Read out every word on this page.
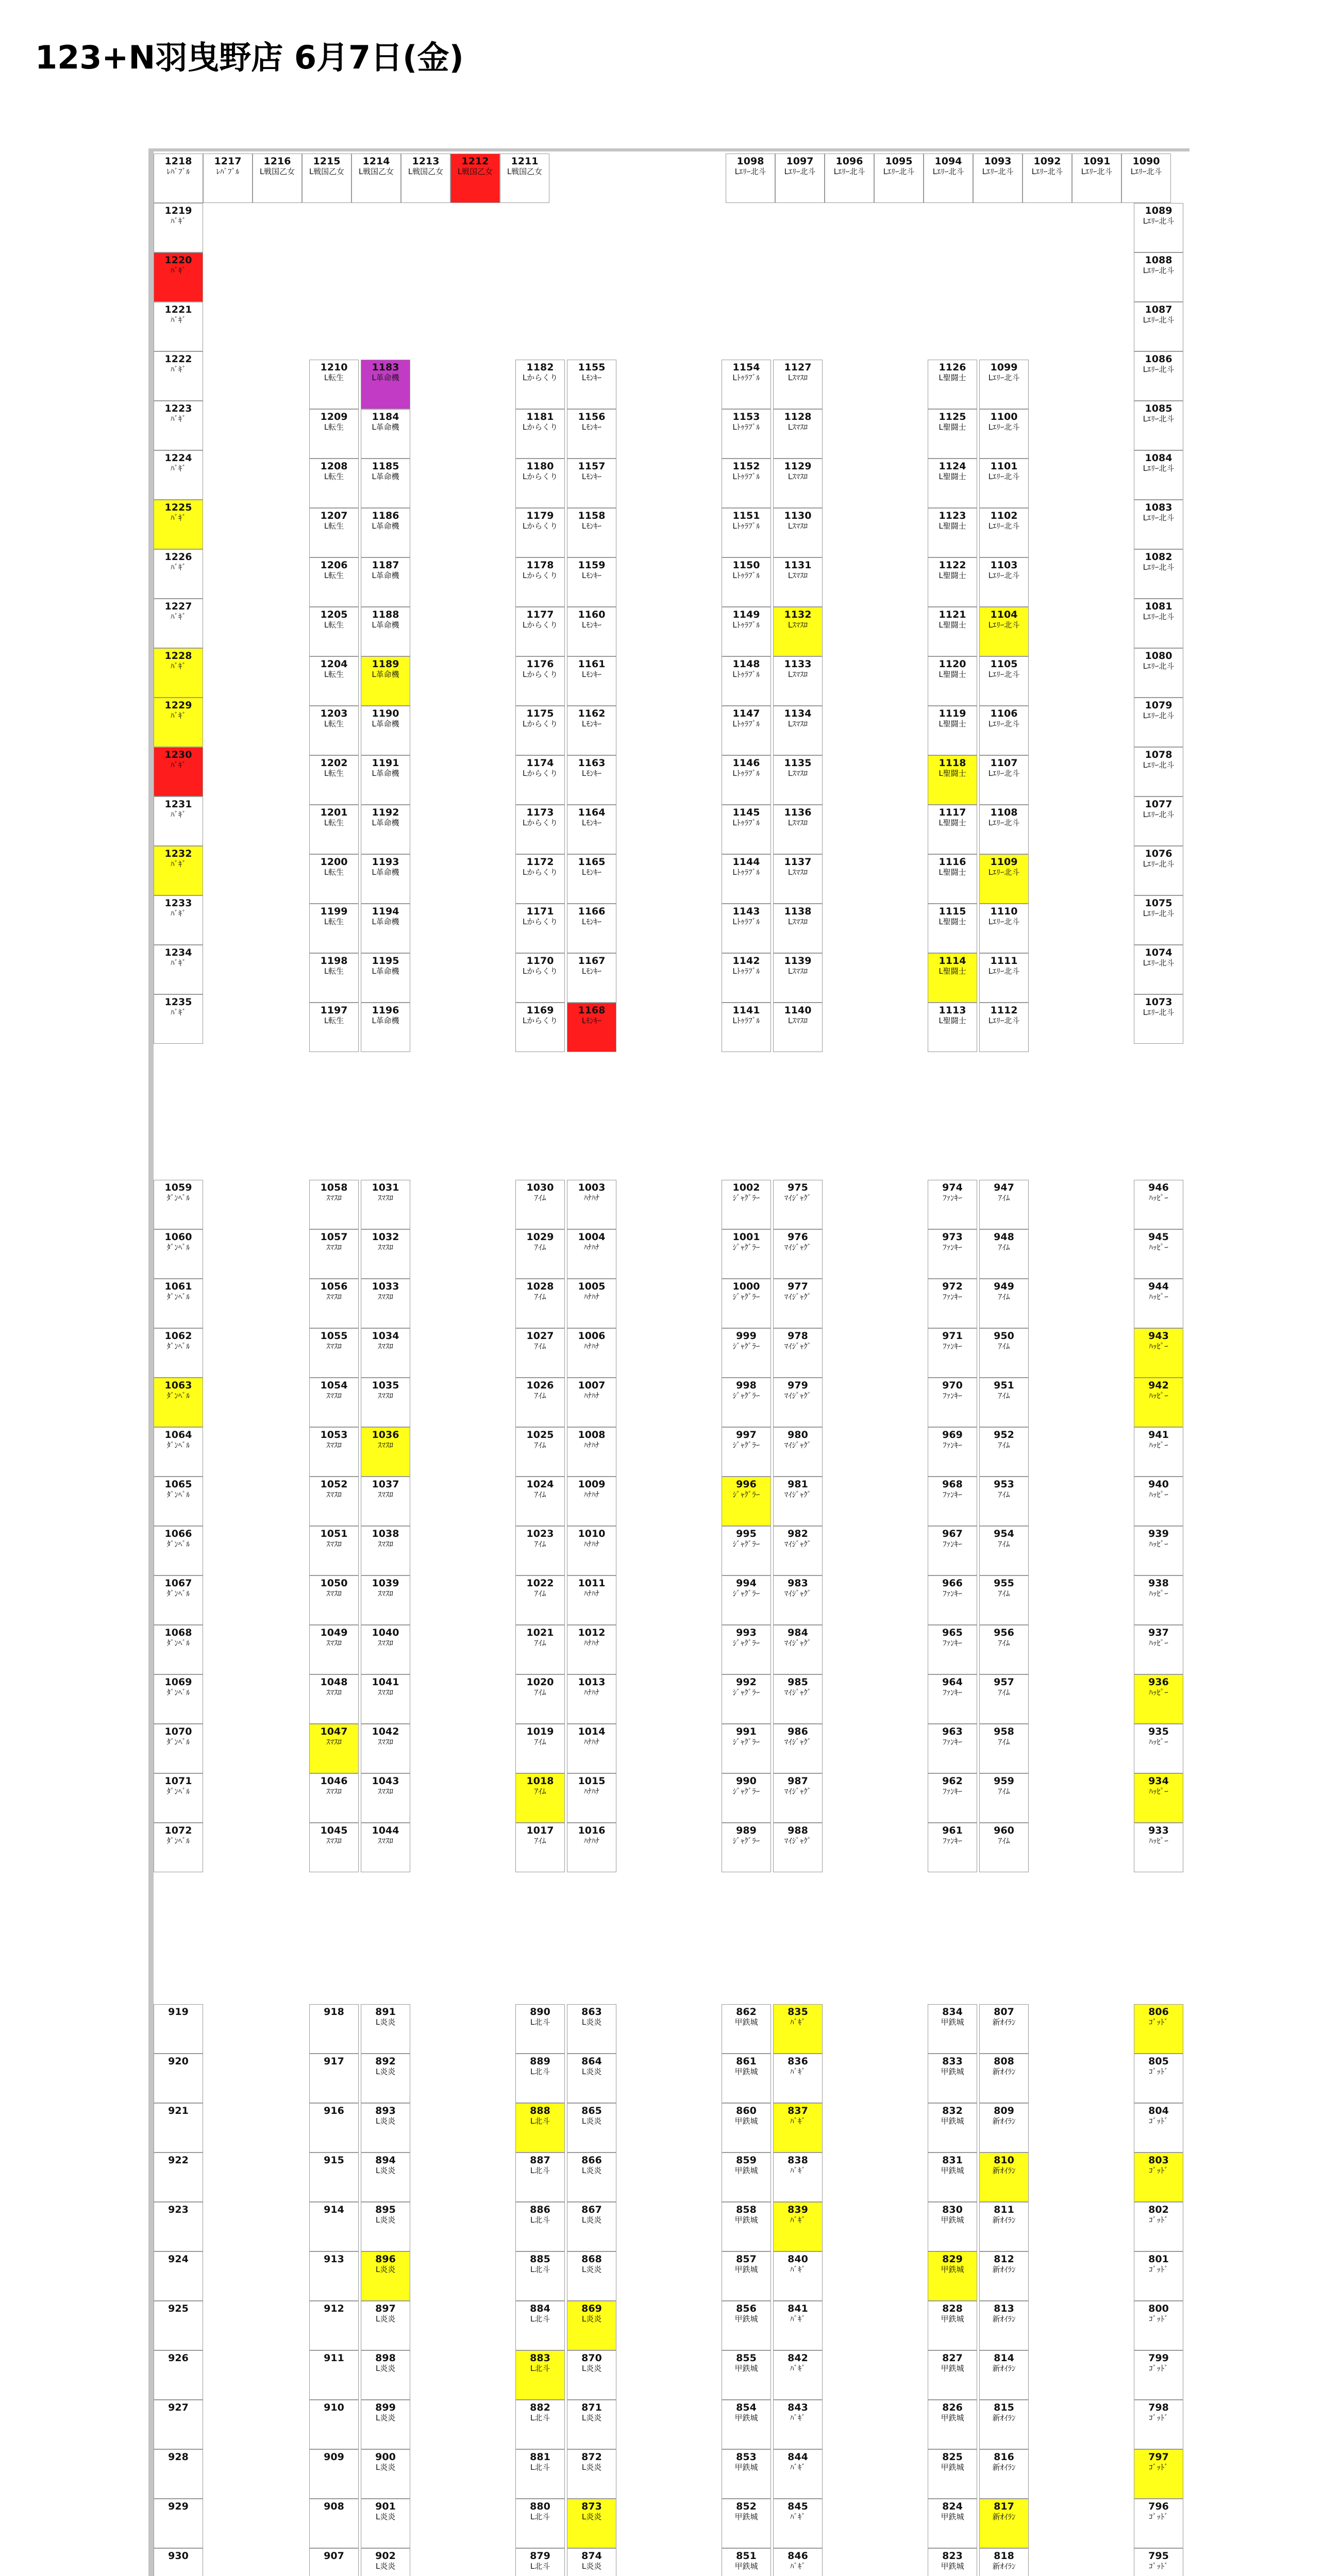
123+N羽曳野店 6月7日(金)
1218
ﾚﾊﾞﾌﾞﾙ
1217
ﾚﾊﾞﾌﾞﾙ
1216
L戦国乙女
1215
L戦国乙女
1214
L戦国乙女
1213
L戦国乙女
1212
L戦国乙女
1211
L戦国乙女
1098
Lｴﾘｰ北斗
1097
Lｴﾘｰ北斗
1096
Lｴﾘｰ北斗
1095
Lｴﾘｰ北斗
1094
Lｴﾘｰ北斗
1093
Lｴﾘｰ北斗
1092
Lｴﾘｰ北斗
1091
Lｴﾘｰ北斗
1090
Lｴﾘｰ北斗
1219
ﾊﾞｷﾞ
1220
ﾊﾞｷﾞ
1221
ﾊﾞｷﾞ
1222
ﾊﾞｷﾞ
1223
ﾊﾞｷﾞ
1224
ﾊﾞｷﾞ
1225
ﾊﾞｷﾞ
1226
ﾊﾞｷﾞ
1227
ﾊﾞｷﾞ
1228
ﾊﾞｷﾞ
1229
ﾊﾞｷﾞ
1230
ﾊﾞｷﾞ
1231
ﾊﾞｷﾞ
1232
ﾊﾞｷﾞ
1233
ﾊﾞｷﾞ
1234
ﾊﾞｷﾞ
1235
ﾊﾞｷﾞ
1089
Lｴﾘｰ北斗
1088
Lｴﾘｰ北斗
1087
Lｴﾘｰ北斗
1086
Lｴﾘｰ北斗
1085
Lｴﾘｰ北斗
1084
Lｴﾘｰ北斗
1083
Lｴﾘｰ北斗
1082
Lｴﾘｰ北斗
1081
Lｴﾘｰ北斗
1080
Lｴﾘｰ北斗
1079
Lｴﾘｰ北斗
1078
Lｴﾘｰ北斗
1077
Lｴﾘｰ北斗
1076
Lｴﾘｰ北斗
1075
Lｴﾘｰ北斗
1074
Lｴﾘｰ北斗
1073
Lｴﾘｰ北斗
1210
L転生
1209
L転生
1208
L転生
1207
L転生
1206
L転生
1205
L転生
1204
L転生
1203
L転生
1202
L転生
1201
L転生
1200
L転生
1199
L転生
1198
L転生
1197
L転生
1183
L革命機
1184
L革命機
1185
L革命機
1186
L革命機
1187
L革命機
1188
L革命機
1189
L革命機
1190
L革命機
1191
L革命機
1192
L革命機
1193
L革命機
1194
L革命機
1195
L革命機
1196
L革命機
1182
Lからくり
1181
Lからくり
1180
Lからくり
1179
Lからくり
1178
Lからくり
1177
Lからくり
1176
Lからくり
1175
Lからくり
1174
Lからくり
1173
Lからくり
1172
Lからくり
1171
Lからくり
1170
Lからくり
1169
Lからくり
1155
Lﾓﾝｷｰ
1156
Lﾓﾝｷｰ
1157
Lﾓﾝｷｰ
1158
Lﾓﾝｷｰ
1159
Lﾓﾝｷｰ
1160
Lﾓﾝｷｰ
1161
Lﾓﾝｷｰ
1162
Lﾓﾝｷｰ
1163
Lﾓﾝｷｰ
1164
Lﾓﾝｷｰ
1165
Lﾓﾝｷｰ
1166
Lﾓﾝｷｰ
1167
Lﾓﾝｷｰ
1168
Lﾓﾝｷｰ
1154
Lﾄｩﾗﾌﾞﾙ
1153
Lﾄｩﾗﾌﾞﾙ
1152
Lﾄｩﾗﾌﾞﾙ
1151
Lﾄｩﾗﾌﾞﾙ
1150
Lﾄｩﾗﾌﾞﾙ
1149
Lﾄｩﾗﾌﾞﾙ
1148
Lﾄｩﾗﾌﾞﾙ
1147
Lﾄｩﾗﾌﾞﾙ
1146
Lﾄｩﾗﾌﾞﾙ
1145
Lﾄｩﾗﾌﾞﾙ
1144
Lﾄｩﾗﾌﾞﾙ
1143
Lﾄｩﾗﾌﾞﾙ
1142
Lﾄｩﾗﾌﾞﾙ
1141
Lﾄｩﾗﾌﾞﾙ
1127
Lｽﾏｽﾛ
1128
Lｽﾏｽﾛ
1129
Lｽﾏｽﾛ
1130
Lｽﾏｽﾛ
1131
Lｽﾏｽﾛ
1132
Lｽﾏｽﾛ
1133
Lｽﾏｽﾛ
1134
Lｽﾏｽﾛ
1135
Lｽﾏｽﾛ
1136
Lｽﾏｽﾛ
1137
Lｽﾏｽﾛ
1138
Lｽﾏｽﾛ
1139
Lｽﾏｽﾛ
1140
Lｽﾏｽﾛ
1126
L聖闘士
1125
L聖闘士
1124
L聖闘士
1123
L聖闘士
1122
L聖闘士
1121
L聖闘士
1120
L聖闘士
1119
L聖闘士
1118
L聖闘士
1117
L聖闘士
1116
L聖闘士
1115
L聖闘士
1114
L聖闘士
1113
L聖闘士
1099
Lｴﾘｰ北斗
1100
Lｴﾘｰ北斗
1101
Lｴﾘｰ北斗
1102
Lｴﾘｰ北斗
1103
Lｴﾘｰ北斗
1104
Lｴﾘｰ北斗
1105
Lｴﾘｰ北斗
1106
Lｴﾘｰ北斗
1107
Lｴﾘｰ北斗
1108
Lｴﾘｰ北斗
1109
Lｴﾘｰ北斗
1110
Lｴﾘｰ北斗
1111
Lｴﾘｰ北斗
1112
Lｴﾘｰ北斗
1059
ﾀﾞﾝﾍﾞﾙ
1060
ﾀﾞﾝﾍﾞﾙ
1061
ﾀﾞﾝﾍﾞﾙ
1062
ﾀﾞﾝﾍﾞﾙ
1063
ﾀﾞﾝﾍﾞﾙ
1064
ﾀﾞﾝﾍﾞﾙ
1065
ﾀﾞﾝﾍﾞﾙ
1066
ﾀﾞﾝﾍﾞﾙ
1067
ﾀﾞﾝﾍﾞﾙ
1068
ﾀﾞﾝﾍﾞﾙ
1069
ﾀﾞﾝﾍﾞﾙ
1070
ﾀﾞﾝﾍﾞﾙ
1071
ﾀﾞﾝﾍﾞﾙ
1072
ﾀﾞﾝﾍﾞﾙ
1058
ｽﾏｽﾛ
1057
ｽﾏｽﾛ
1056
ｽﾏｽﾛ
1055
ｽﾏｽﾛ
1054
ｽﾏｽﾛ
1053
ｽﾏｽﾛ
1052
ｽﾏｽﾛ
1051
ｽﾏｽﾛ
1050
ｽﾏｽﾛ
1049
ｽﾏｽﾛ
1048
ｽﾏｽﾛ
1047
ｽﾏｽﾛ
1046
ｽﾏｽﾛ
1045
ｽﾏｽﾛ
1031
ｽﾏｽﾛ
1032
ｽﾏｽﾛ
1033
ｽﾏｽﾛ
1034
ｽﾏｽﾛ
1035
ｽﾏｽﾛ
1036
ｽﾏｽﾛ
1037
ｽﾏｽﾛ
1038
ｽﾏｽﾛ
1039
ｽﾏｽﾛ
1040
ｽﾏｽﾛ
1041
ｽﾏｽﾛ
1042
ｽﾏｽﾛ
1043
ｽﾏｽﾛ
1044
ｽﾏｽﾛ
1030
ｱｲﾑ
1029
ｱｲﾑ
1028
ｱｲﾑ
1027
ｱｲﾑ
1026
ｱｲﾑ
1025
ｱｲﾑ
1024
ｱｲﾑ
1023
ｱｲﾑ
1022
ｱｲﾑ
1021
ｱｲﾑ
1020
ｱｲﾑ
1019
ｱｲﾑ
1018
ｱｲﾑ
1017
ｱｲﾑ
1003
ﾊﾅﾊﾅ
1004
ﾊﾅﾊﾅ
1005
ﾊﾅﾊﾅ
1006
ﾊﾅﾊﾅ
1007
ﾊﾅﾊﾅ
1008
ﾊﾅﾊﾅ
1009
ﾊﾅﾊﾅ
1010
ﾊﾅﾊﾅ
1011
ﾊﾅﾊﾅ
1012
ﾊﾅﾊﾅ
1013
ﾊﾅﾊﾅ
1014
ﾊﾅﾊﾅ
1015
ﾊﾅﾊﾅ
1016
ﾊﾅﾊﾅ
1002
ｼﾞｬｸﾞﾗｰ
1001
ｼﾞｬｸﾞﾗｰ
1000
ｼﾞｬｸﾞﾗｰ
999
ｼﾞｬｸﾞﾗｰ
998
ｼﾞｬｸﾞﾗｰ
997
ｼﾞｬｸﾞﾗｰ
996
ｼﾞｬｸﾞﾗｰ
995
ｼﾞｬｸﾞﾗｰ
994
ｼﾞｬｸﾞﾗｰ
993
ｼﾞｬｸﾞﾗｰ
992
ｼﾞｬｸﾞﾗｰ
991
ｼﾞｬｸﾞﾗｰ
990
ｼﾞｬｸﾞﾗｰ
989
ｼﾞｬｸﾞﾗｰ
975
ﾏｲｼﾞｬｸﾞ
976
ﾏｲｼﾞｬｸﾞ
977
ﾏｲｼﾞｬｸﾞ
978
ﾏｲｼﾞｬｸﾞ
979
ﾏｲｼﾞｬｸﾞ
980
ﾏｲｼﾞｬｸﾞ
981
ﾏｲｼﾞｬｸﾞ
982
ﾏｲｼﾞｬｸﾞ
983
ﾏｲｼﾞｬｸﾞ
984
ﾏｲｼﾞｬｸﾞ
985
ﾏｲｼﾞｬｸﾞ
986
ﾏｲｼﾞｬｸﾞ
987
ﾏｲｼﾞｬｸﾞ
988
ﾏｲｼﾞｬｸﾞ
974
ﾌｧﾝｷｰ
973
ﾌｧﾝｷｰ
972
ﾌｧﾝｷｰ
971
ﾌｧﾝｷｰ
970
ﾌｧﾝｷｰ
969
ﾌｧﾝｷｰ
968
ﾌｧﾝｷｰ
967
ﾌｧﾝｷｰ
966
ﾌｧﾝｷｰ
965
ﾌｧﾝｷｰ
964
ﾌｧﾝｷｰ
963
ﾌｧﾝｷｰ
962
ﾌｧﾝｷｰ
961
ﾌｧﾝｷｰ
947
ｱｲﾑ
948
ｱｲﾑ
949
ｱｲﾑ
950
ｱｲﾑ
951
ｱｲﾑ
952
ｱｲﾑ
953
ｱｲﾑ
954
ｱｲﾑ
955
ｱｲﾑ
956
ｱｲﾑ
957
ｱｲﾑ
958
ｱｲﾑ
959
ｱｲﾑ
960
ｱｲﾑ
946
ﾊｯﾋﾟｰ
945
ﾊｯﾋﾟｰ
944
ﾊｯﾋﾟｰ
943
ﾊｯﾋﾟｰ
942
ﾊｯﾋﾟｰ
941
ﾊｯﾋﾟｰ
940
ﾊｯﾋﾟｰ
939
ﾊｯﾋﾟｰ
938
ﾊｯﾋﾟｰ
937
ﾊｯﾋﾟｰ
936
ﾊｯﾋﾟｰ
935
ﾊｯﾋﾟｰ
934
ﾊｯﾋﾟｰ
933
ﾊｯﾋﾟｰ
919
920
921
922
923
924
925
926
927
928
929
930
918
917
916
915
914
913
912
911
910
909
908
907
891
L炎炎
892
L炎炎
893
L炎炎
894
L炎炎
895
L炎炎
896
L炎炎
897
L炎炎
898
L炎炎
899
L炎炎
900
L炎炎
901
L炎炎
902
L炎炎
890
L北斗
889
L北斗
888
L北斗
887
L北斗
886
L北斗
885
L北斗
884
L北斗
883
L北斗
882
L北斗
881
L北斗
880
L北斗
879
L北斗
863
L炎炎
864
L炎炎
865
L炎炎
866
L炎炎
867
L炎炎
868
L炎炎
869
L炎炎
870
L炎炎
871
L炎炎
872
L炎炎
873
L炎炎
874
L炎炎
862
甲鉄城
861
甲鉄城
860
甲鉄城
859
甲鉄城
858
甲鉄城
857
甲鉄城
856
甲鉄城
855
甲鉄城
854
甲鉄城
853
甲鉄城
852
甲鉄城
851
甲鉄城
835
ﾊﾞｷﾞ
836
ﾊﾞｷﾞ
837
ﾊﾞｷﾞ
838
ﾊﾞｷﾞ
839
ﾊﾞｷﾞ
840
ﾊﾞｷﾞ
841
ﾊﾞｷﾞ
842
ﾊﾞｷﾞ
843
ﾊﾞｷﾞ
844
ﾊﾞｷﾞ
845
ﾊﾞｷﾞ
846
ﾊﾞｷﾞ
834
甲鉄城
833
甲鉄城
832
甲鉄城
831
甲鉄城
830
甲鉄城
829
甲鉄城
828
甲鉄城
827
甲鉄城
826
甲鉄城
825
甲鉄城
824
甲鉄城
823
甲鉄城
807
新ｵｲﾗﾝ
808
新ｵｲﾗﾝ
809
新ｵｲﾗﾝ
810
新ｵｲﾗﾝ
811
新ｵｲﾗﾝ
812
新ｵｲﾗﾝ
813
新ｵｲﾗﾝ
814
新ｵｲﾗﾝ
815
新ｵｲﾗﾝ
816
新ｵｲﾗﾝ
817
新ｵｲﾗﾝ
818
新ｵｲﾗﾝ
806
ｺﾞｯﾄﾞ
805
ｺﾞｯﾄﾞ
804
ｺﾞｯﾄﾞ
803
ｺﾞｯﾄﾞ
802
ｺﾞｯﾄﾞ
801
ｺﾞｯﾄﾞ
800
ｺﾞｯﾄﾞ
799
ｺﾞｯﾄﾞ
798
ｺﾞｯﾄﾞ
797
ｺﾞｯﾄﾞ
796
ｺﾞｯﾄﾞ
795
ｺﾞｯﾄﾞ
